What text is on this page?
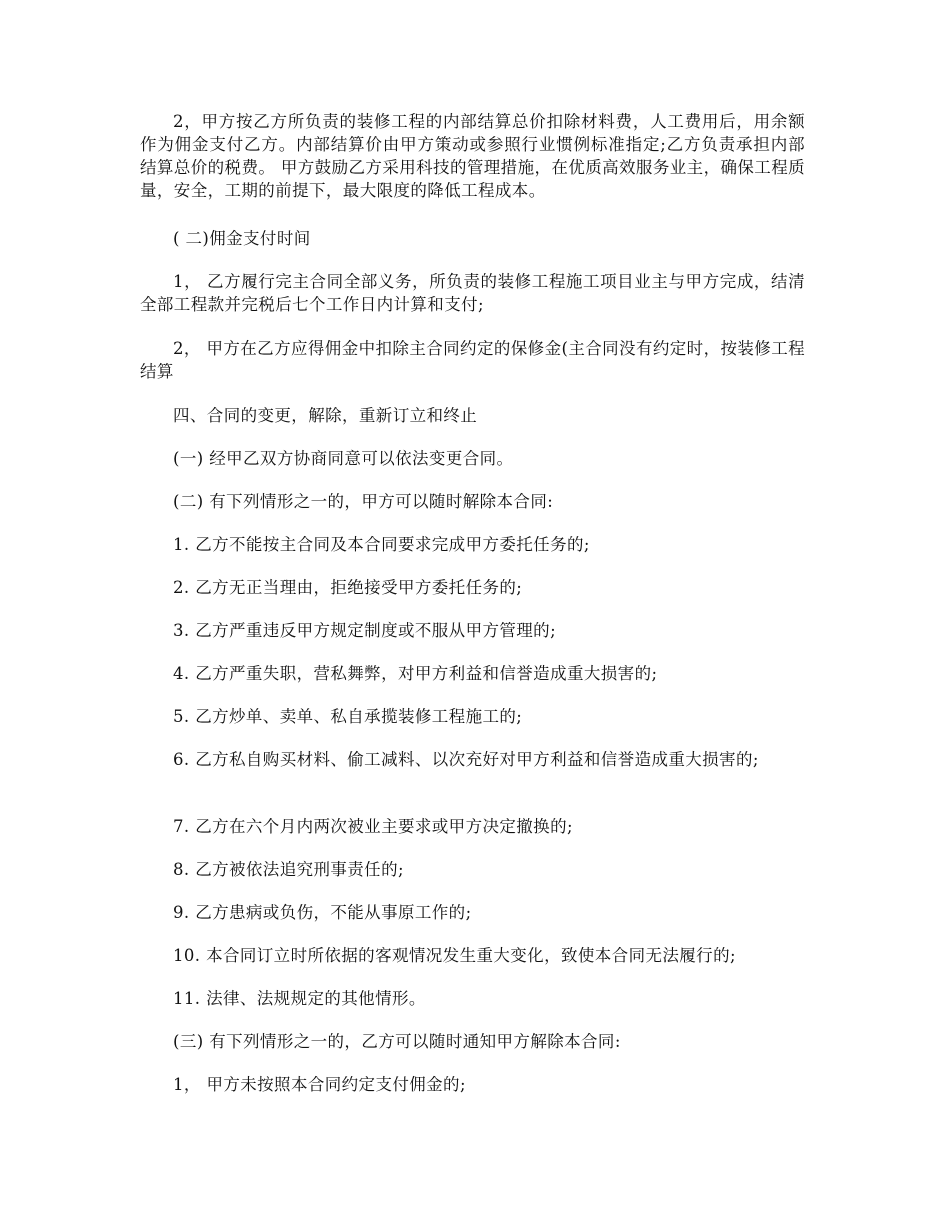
2，甲方按乙方所负责的装修工程的内部结算总价扣除材料费，人工费用后，用余额作为佣金支付乙方。内部结算价由甲方策动或参照行业惯例标准指定;乙方负责承担内部结算总价的税费。 甲方鼓励乙方采用科技的管理措施，在优质高效服务业主，确保工程质量，安全，工期的前提下，最大限度的降低工程成本。

( 二)佣金支付时间

1， 乙方履行完主合同全部义务，所负责的装修工程施工项目业主与甲方完成，结清全部工程款并完税后七个工作日内计算和支付;

2， 甲方在乙方应得佣金中扣除主合同约定的保修金(主合同没有约定时，按装修工程结算

四、合同的变更，解除，重新订立和终止

(一) 经甲乙双方协商同意可以依法变更合同。

(二) 有下列情形之一的，甲方可以随时解除本合同:

1. 乙方不能按主合同及本合同要求完成甲方委托任务的;

2. 乙方无正当理由，拒绝接受甲方委托任务的;

3. 乙方严重违反甲方规定制度或不服从甲方管理的;

4. 乙方严重失职，营私舞弊，对甲方利益和信誉造成重大损害的;

5. 乙方炒单、卖单、私自承揽装修工程施工的;

6. 乙方私自购买材料、偷工减料、以次充好对甲方利益和信誉造成重大损害的;

7. 乙方在六个月内两次被业主要求或甲方决定撤换的;

8. 乙方被依法追究刑事责任的;

9. 乙方患病或负伤，不能从事原工作的;

10. 本合同订立时所依据的客观情况发生重大变化，致使本合同无法履行的;

11. 法律、法规规定的其他情形。

(三) 有下列情形之一的，乙方可以随时通知甲方解除本合同:

1， 甲方未按照本合同约定支付佣金的;
